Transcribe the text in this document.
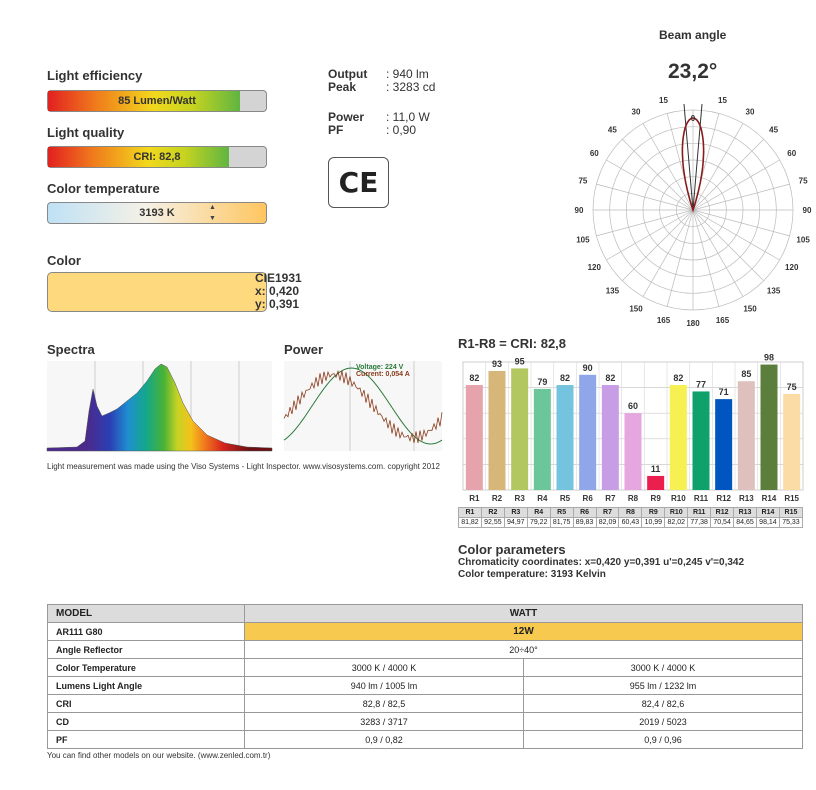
Light efficiency
85 Lumen/Watt
Light quality
CRI: 82,8
Color temperature
3193 K	▲
▼
Color
CIE1931
x: 0,420
y: 0,391
Output	: 940 lm
Peak	: 3283 cd
Power	: 11,0 W
PF	: 0,90
CE
Beam angle
23,2°
15
30
45
60
75
90
105
120
135
150
165
15
30
45
60
75
90
105
120
135
150
165
0
180
Spectra	Power
Voltage: 224 V
Current: 0,054 A
Light measurement was made using the Viso Systems - Light Inspector. www.visosystems.com. copyright 2012
R1-R8 = CRI: 82,8
82
93 95
79 82
90
82
60
11
82
77
71
85
98
75
R1 R2 R3 R4 R5 R6 R7 R8 R9 R10 R11 R12 R13 R14 R15
R1	R2	R3	R4	R5	R6	R7	R8	R9	R10	R11	R12	R13	R14	R15
81,82	92,55	94,97	79,22	81,75	89,83	82,09	60,43	10,99	82,02	77,38	70,54	84,65	98,14	75,33
Color parameters
Chromaticity coordinates: x=0,420 y=0,391 u'=0,245 v'=0,342
Color temperature: 3193 Kelvin
MODEL	WATT	
AR111 G80	12W	
Angle Reflector	20÷40°	
Color Temperature	3000 K / 4000 K	3000 K / 4000 K
Lumens Light Angle	940 lm / 1005 lm	955 lm / 1232 lm
CRI	82,8 / 82,5	82,4 / 82,6
CD	3283 / 3717	2019 / 5023
PF	0,9 / 0,82	0,9 / 0,96
You can find other models on our website. (www.zenled.com.tr)
